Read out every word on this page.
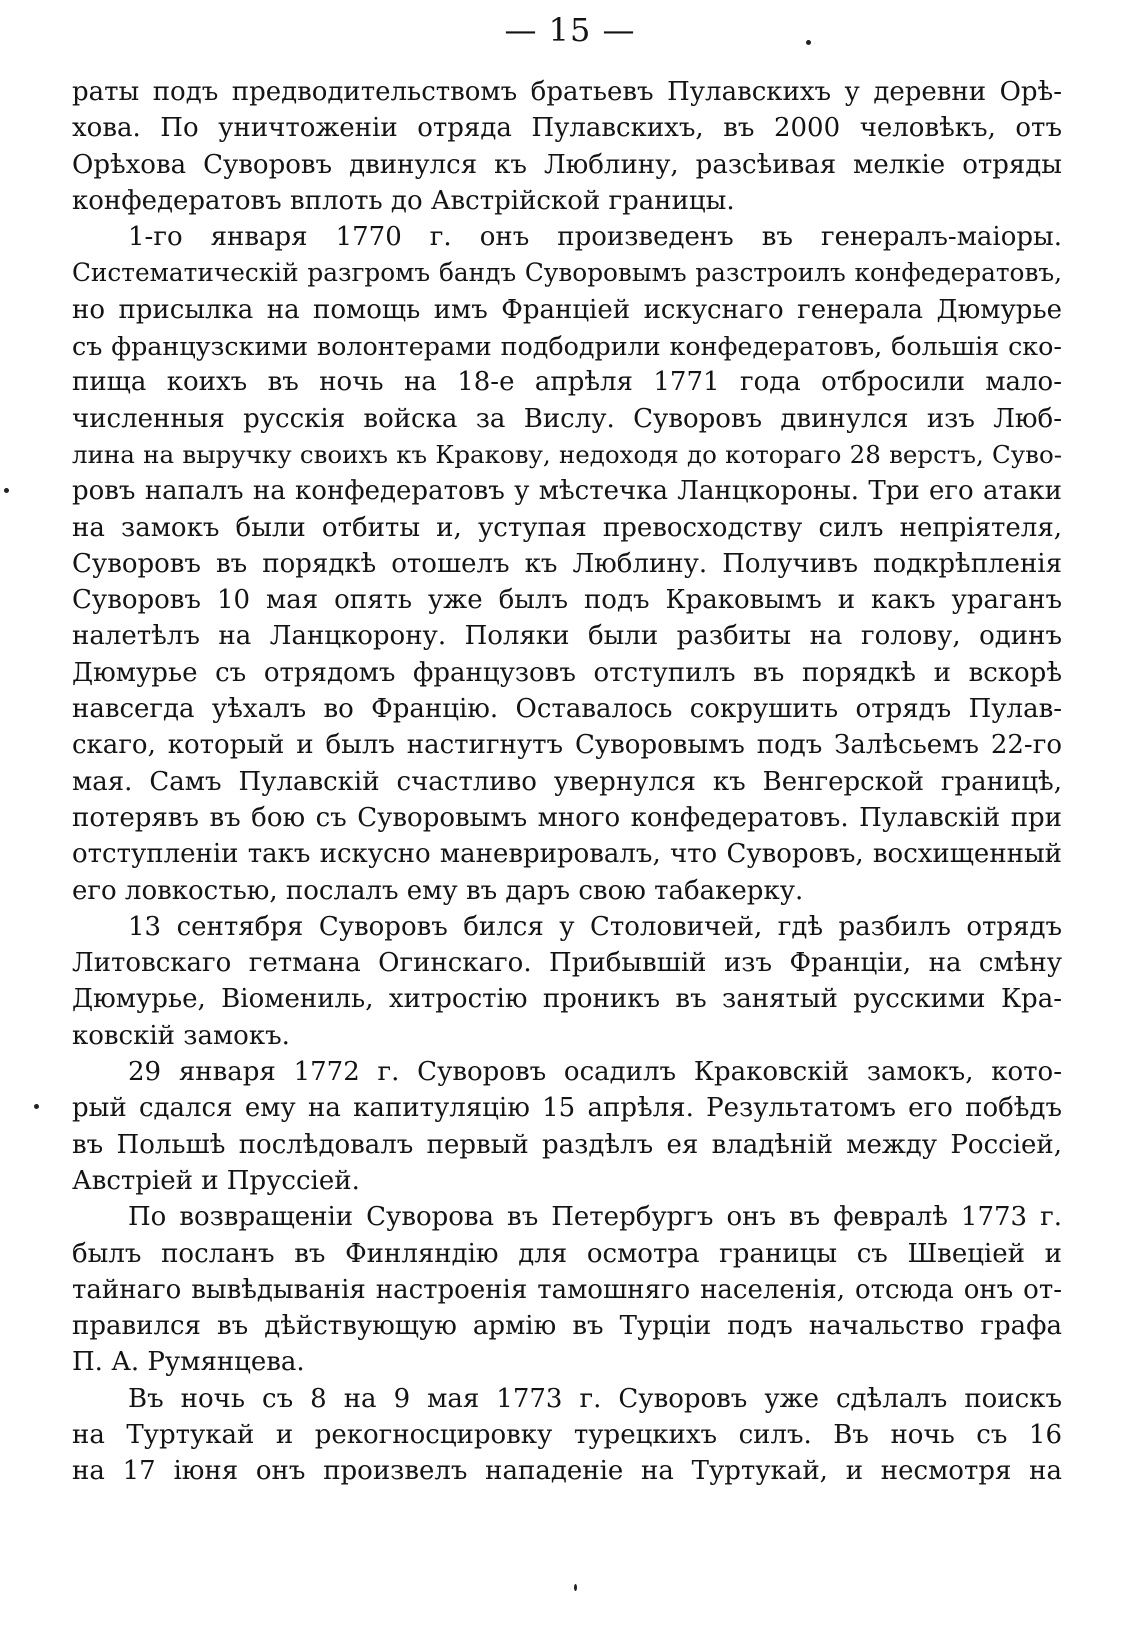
— 15 —
раты подъ предводительствомъ братьевъ Пулавскихъ у деревни Орѣ-
хова. По уничтоженіи отряда Пулавскихъ, въ 2000 человѣкъ, отъ
Орѣхова Суворовъ двинулся къ Люблину, разсѣивая мелкіе отряды
конфедератовъ вплоть до Австрійской границы.
1-го января 1770 г. онъ произведенъ въ генералъ-маіоры.
Систематическій разгромъ бандъ Суворовымъ разстроилъ конфедератовъ,
но присылка на помощь имъ Франціей искуснаго генерала Дюмурье
съ французскими волонтерами подбодрили конфедератовъ, большія ско-
пища коихъ въ ночь на 18-е апрѣля 1771 года отбросили мало-
численныя русскія войска за Вислу. Суворовъ двинулся изъ Люб-
лина на выручку своихъ къ Кракову, недоходя до котораго 28 верстъ, Суво-
ровъ напалъ на конфедератовъ у мѣстечка Ланцкороны. Три его атаки
на замокъ были отбиты и, уступая превосходству силъ непріятеля,
Суворовъ въ порядкѣ отошелъ къ Люблину. Получивъ подкрѣпленія
Суворовъ 10 мая опять уже былъ подъ Краковымъ и какъ ураганъ
налетѣлъ на Ланцкорону. Поляки были разбиты на голову, одинъ
Дюмурье съ отрядомъ французовъ отступилъ въ порядкѣ и вскорѣ
навсегда уѣхалъ во Францію. Оставалось сокрушить отрядъ Пулав-
скаго, который и былъ настигнутъ Суворовымъ подъ Залѣсьемъ 22-го
мая. Самъ Пулавскій счастливо увернулся къ Венгерской границѣ,
потерявъ въ бою съ Суворовымъ много конфедератовъ. Пулавскій при
отступленіи такъ искусно маневрировалъ, что Суворовъ, восхищенный
его ловкостью, послалъ ему въ даръ свою табакерку.
13 сентября Суворовъ бился у Столовичей, гдѣ разбилъ отрядъ
Литовскаго гетмана Огинскаго. Прибывшій изъ Франціи, на смѣну
Дюмурье, Віомениль, хитростію проникъ въ занятый русскими Кра-
ковскій замокъ.
29 января 1772 г. Суворовъ осадилъ Краковскій замокъ, кото-
рый сдался ему на капитуляцію 15 апрѣля. Результатомъ его побѣдъ
въ Польшѣ послѣдовалъ первый раздѣлъ ея владѣній между Россіей,
Австріей и Пруссіей.
По возвращеніи Суворова въ Петербургъ онъ въ февралѣ 1773 г.
былъ посланъ въ Финляндію для осмотра границы съ Швеціей и
тайнаго вывѣдыванія настроенія тамошняго населенія, отсюда онъ от-
правился въ дѣйствующую армію въ Турціи подъ начальство графа
П. А. Румянцева.
Въ ночь съ 8 на 9 мая 1773 г. Суворовъ уже сдѣлалъ поискъ
на Туртукай и рекогносцировку турецкихъ силъ. Въ ночь съ 16
на 17 іюня онъ произвелъ нападеніе на Туртукай, и несмотря на
